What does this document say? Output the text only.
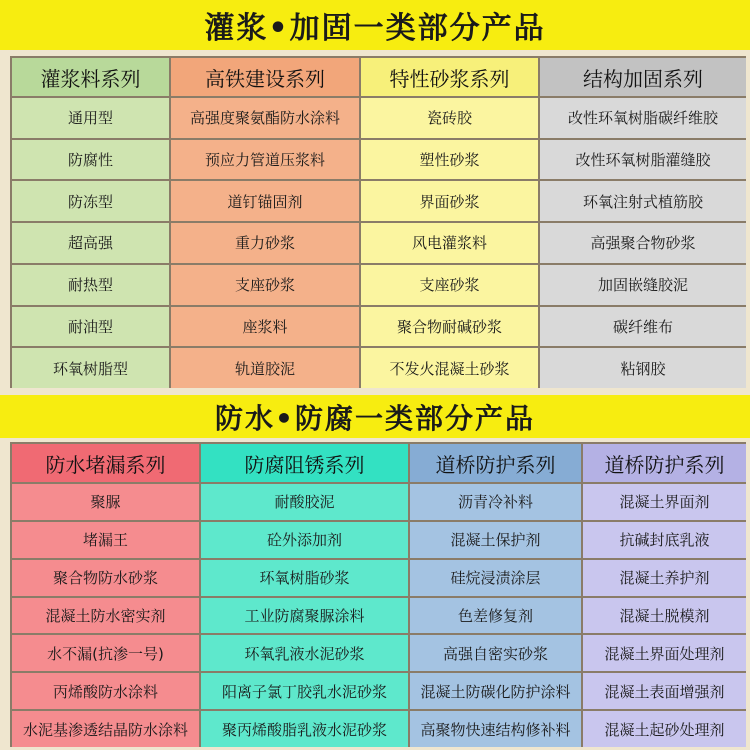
灌浆•加固一类部分产品
灌浆料系列	高铁建设系列	特性砂浆系列	结构加固系列
通用型	高强度聚氨酯防水涂料	瓷砖胶	改性环氧树脂碳纤维胶
防腐性	预应力管道压浆料	塑性砂浆	改性环氧树脂灌缝胶
防冻型	道钉锚固剂	界面砂浆	环氧注射式植筋胶
超高强	重力砂浆	风电灌浆料	高强聚合物砂浆
耐热型	支座砂浆	支座砂浆	加固嵌缝胶泥
耐油型	座浆料	聚合物耐碱砂浆	碳纤维布
环氧树脂型	轨道胶泥	不发火混凝土砂浆	粘钢胶
防水•防腐一类部分产品
防水堵漏系列	防腐阻锈系列	道桥防护系列	道桥防护系列
聚脲	耐酸胶泥	沥青冷补料	混凝土界面剂
堵漏王	砼外添加剂	混凝土保护剂	抗碱封底乳液
聚合物防水砂浆	环氧树脂砂浆	硅烷浸渍涂层	混凝土养护剂
混凝土防水密实剂	工业防腐聚脲涂料	色差修复剂	混凝土脱模剂
水不漏(抗渗一号)	环氧乳液水泥砂浆	高强自密实砂浆	混凝土界面处理剂
丙烯酸防水涂料	阳离子氯丁胶乳水泥砂浆	混凝土防碳化防护涂料	混凝土表面增强剂
水泥基渗透结晶防水涂料	聚丙烯酸脂乳液水泥砂浆	高聚物快速结构修补料	混凝土起砂处理剂
